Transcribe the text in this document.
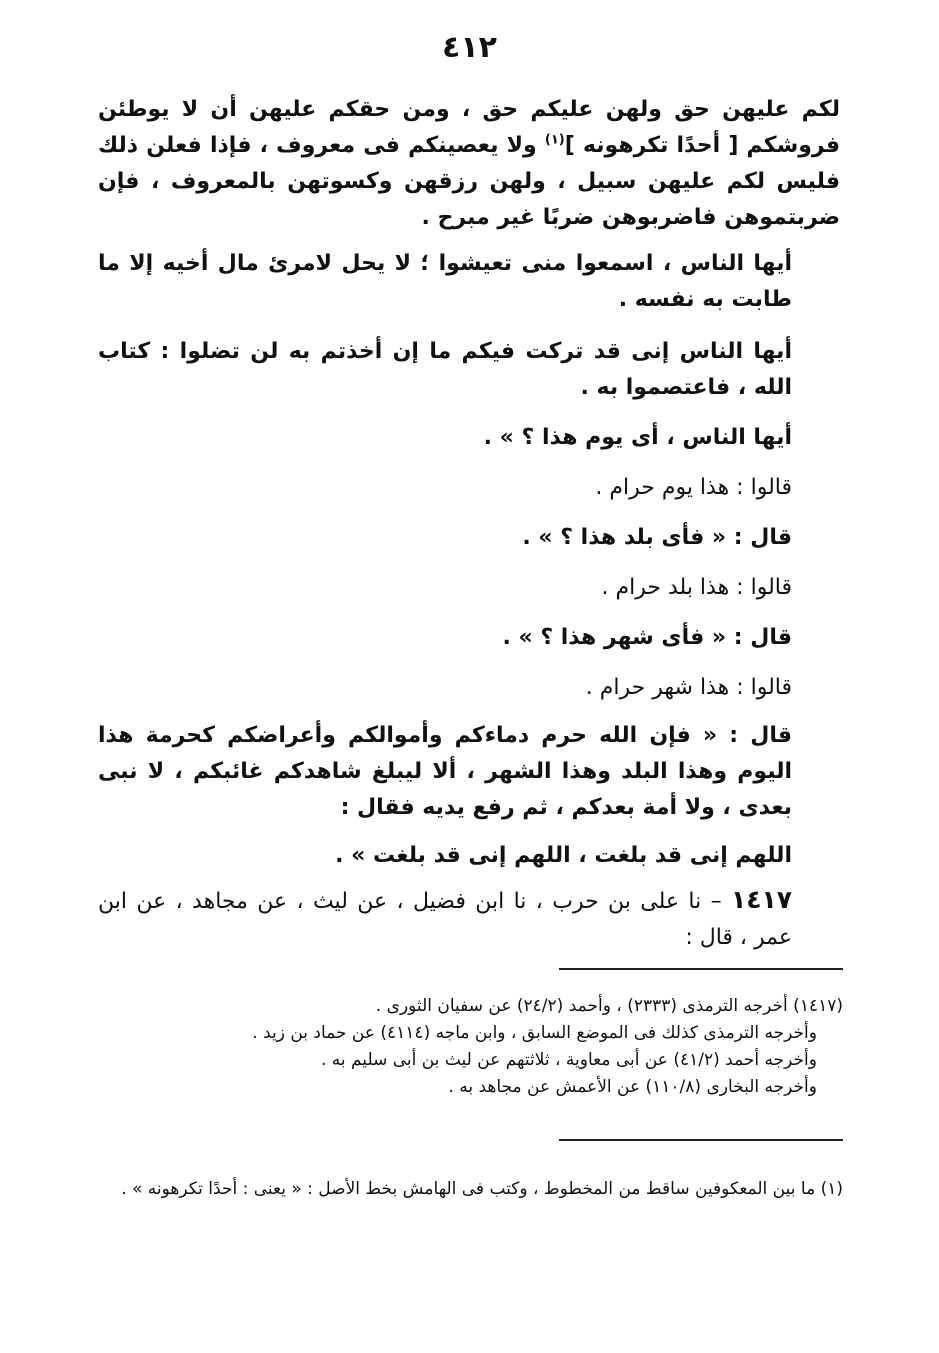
٤١٢

لكم عليهن حق ولهن عليكم حق ، ومن حقكم عليهن أن لا يوطئن فروشكم [ أحدًا تكرهونه ]$^{(١)}$ ولا يعصينكم فى معروف ، فإذا فعلن ذلك فليس لكم عليهن سبيل ، ولهن رزقهن وكسوتهن بالمعروف ، فإن ضربتموهن فاضربوهن ضربًا غير مبرح .

أيها الناس ، اسمعوا منى تعيشوا ؛ لا يحل لامرئ مال أخيه إلا ما طابت به نفسه .

أيها الناس إنى قد تركت فيكم ما إن أخذتم به لن تضلوا : كتاب الله ، فاعتصموا به .

أيها الناس ، أى يوم هذا ؟ » .

قالوا : هذا يوم حرام .

قال : « فأى بلد هذا ؟ » .

قالوا : هذا بلد حرام .

قال : « فأى شهر هذا ؟ » .

قالوا : هذا شهر حرام .

قال : « فإن الله حرم دماءكم وأموالكم وأعراضكم كحرمة هذا اليوم وهذا البلد وهذا الشهر ، ألا ليبلغ شاهدكم غائبكم ، لا نبى بعدى ، ولا أمة بعدكم ، ثم رفع يديه فقال :

اللهم إنى قد بلغت ، اللهم إنى قد بلغت » .

١٤١٧ – نا على بن حرب ، نا ابن فضيل ، عن ليث ، عن مجاهد ، عن ابن عمر ، قال :

(١٤١٧) أخرجه الترمذى (٢٣٣٣) ، وأحمد (٢٤/٢) عن سفيان الثورى .

وأخرجه الترمذى كذلك فى الموضع السابق ، وابن ماجه (٤١١٤) عن حماد بن زيد .

وأخرجه أحمد (٤١/٢) عن أبى معاوية ، ثلاثتهم عن ليث بن أبى سليم به .

وأخرجه البخارى (١١٠/٨) عن الأعمش عن مجاهد به .

(١) ما بين المعكوفين ساقط من المخطوط ، وكتب فى الهامش بخط الأصل : « يعنى : أحدًا تكرهونه » .
